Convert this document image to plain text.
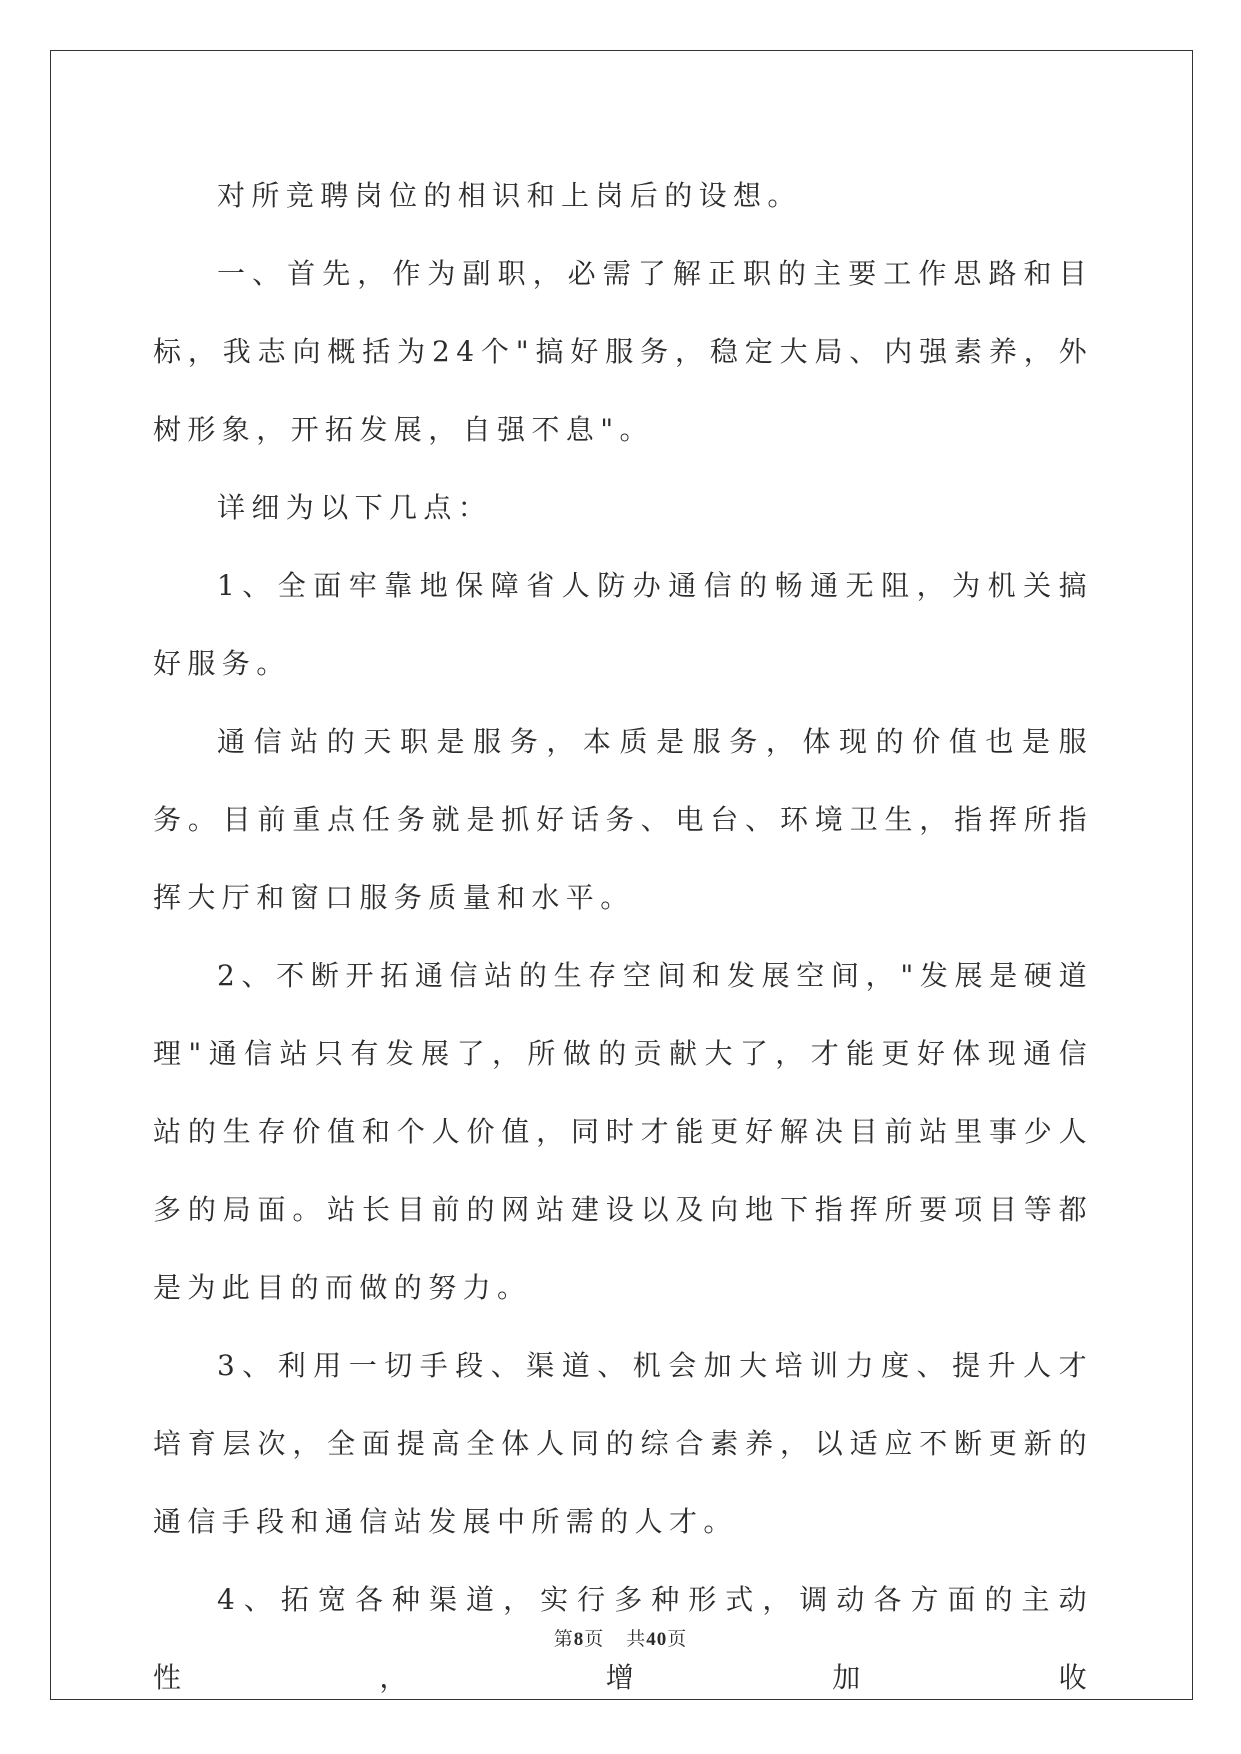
对所竞聘岗位的相识和上岗后的设想。

一、首先，作为副职，必需了解正职的主要工作思路和目标，我志向概括为24个"搞好服务，稳定大局、内强素养，外树形象，开拓发展，自强不息"。

详细为以下几点：

1、全面牢靠地保障省人防办通信的畅通无阻，为机关搞好服务。

通信站的天职是服务，本质是服务，体现的价值也是服务。目前重点任务就是抓好话务、电台、环境卫生，指挥所指挥大厅和窗口服务质量和水平。

2、不断开拓通信站的生存空间和发展空间，"发展是硬道理"通信站只有发展了，所做的贡献大了，才能更好体现通信站的生存价值和个人价值，同时才能更好解决目前站里事少人多的局面。站长目前的网站建设以及向地下指挥所要项目等都是为此目的而做的努力。

3、利用一切手段、渠道、机会加大培训力度、提升人才培育层次，全面提高全体人同的综合素养，以适应不断更新的通信手段和通信站发展中所需的人才。

4、拓宽各种渠道，实行多种形式，调动各方面的主动性，增加收

第8页 共40页
